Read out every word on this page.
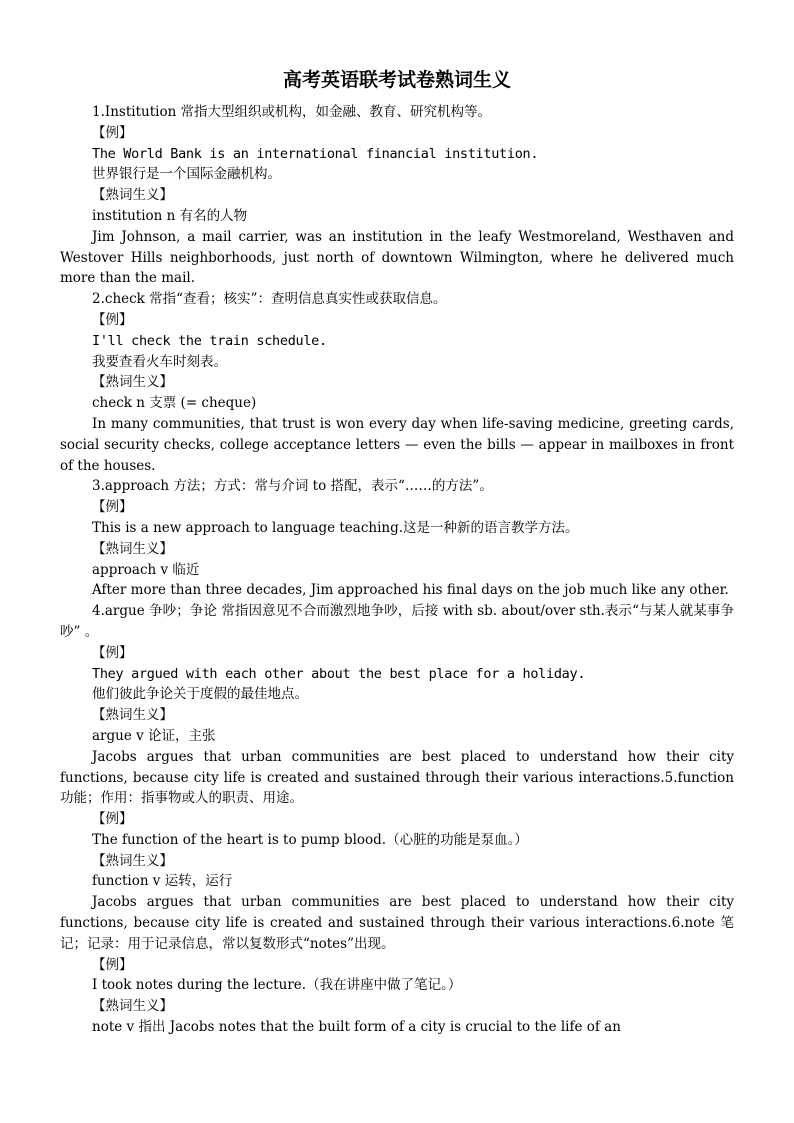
高考英语联考试卷熟词生义

1.Institution 常指大型组织或机构，如金融、教育、研究机构等。

【例】

The World Bank is an international financial institution.

世界银行是一个国际金融机构。

【熟词生义】

institution n 有名的人物

Jim Johnson, a mail carrier, was an institution in the leafy Westmoreland, Westhaven and Westover Hills neighborhoods, just north of downtown Wilmington, where he delivered much more than the mail.

2.check 常指“查看；核实”：查明信息真实性或获取信息。

【例】

I'll check the train schedule.

我要查看火车时刻表。

【熟词生义】

check n 支票 (= cheque)

In many communities, that trust is won every day when life-saving medicine, greeting cards, social security checks, college acceptance letters — even the bills — appear in mailboxes in front of the houses.

3.approach 方法；方式：常与介词 to 搭配，表示“……的方法”。

【例】

This is a new approach to language teaching.这是一种新的语言教学方法。

【熟词生义】

approach v 临近

After more than three decades, Jim approached his final days on the job much like any other.

4.argue 争吵；争论 常指因意见不合而激烈地争吵，后接 with sb. about/over sth.表示“与某人就某事争吵” 。

【例】

They argued with each other about the best place for a holiday.

他们彼此争论关于度假的最佳地点。

【熟词生义】

argue v 论证，主张

Jacobs argues that urban communities are best placed to understand how their city functions, because city life is created and sustained through their various interactions.5.function 功能；作用：指事物或人的职责、用途。

【例】

The function of the heart is to pump blood.（心脏的功能是泵血。）

【熟词生义】

function v 运转，运行

Jacobs argues that urban communities are best placed to understand how their city functions, because city life is created and sustained through their various interactions.6.note 笔记；记录：用于记录信息，常以复数形式“notes”出现。

【例】

I took notes during the lecture.（我在讲座中做了笔记。）

【熟词生义】

note v 指出 Jacobs notes that the built form of a city is crucial to the life of an
